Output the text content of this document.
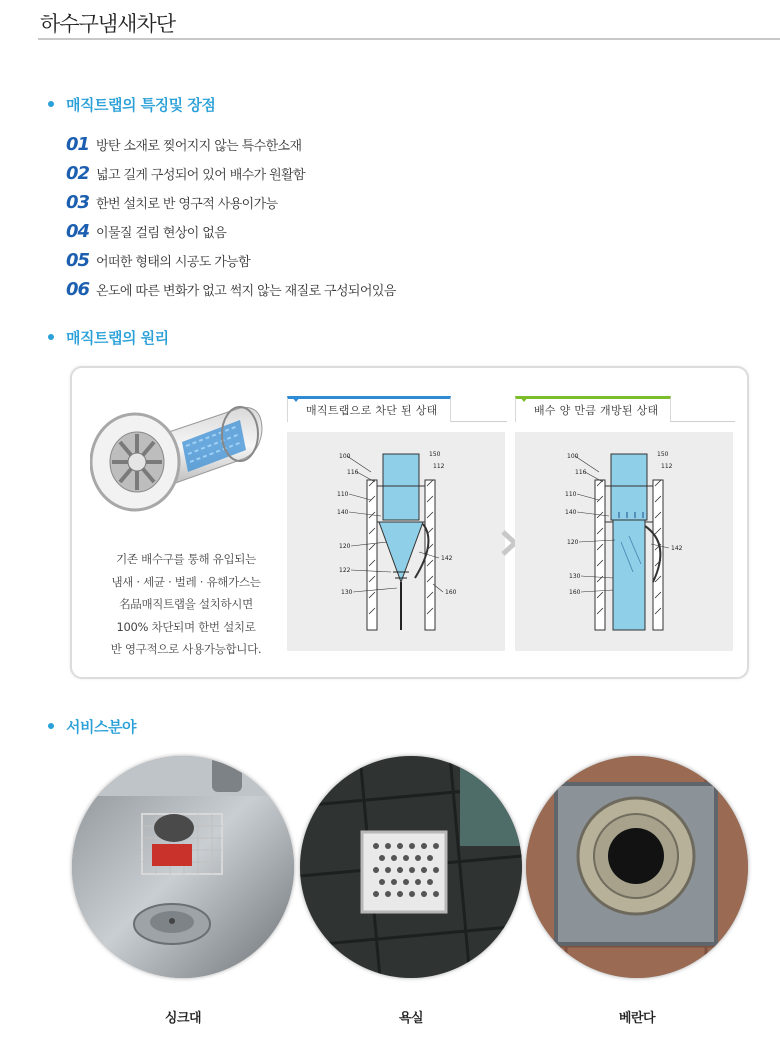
하수구냄새차단
매직트랩의 특징및 장점
01 방탄 소재로 찢어지지 않는 특수한소재
02 넓고 길게 구성되어 있어 배수가 원활함
03 한번 설치로 반 영구적 사용이가능
04 이물질 걸림 현상이 없음
05 어떠한 형태의 시공도 가능함
06 온도에 따른 변화가 없고 썩지 않는 재질로 구성되어있음
매직트랩의 원리
기존 배수구를 통해 유입되는
냄새 · 세균 · 벌레 · 유해가스는
名品매직트랩을 설치하시면
100% 차단되며 한번 설치로
반 영구적으로 사용가능합니다.
매직트랩으로 차단 된 상태
100
116
150
112
110
140
120
142
122
130	160
배수 양 만큼 개방된 상태
100
116
150
112
110
140
120
142
130
160
서비스분야
싱크대	욕실	베란다
